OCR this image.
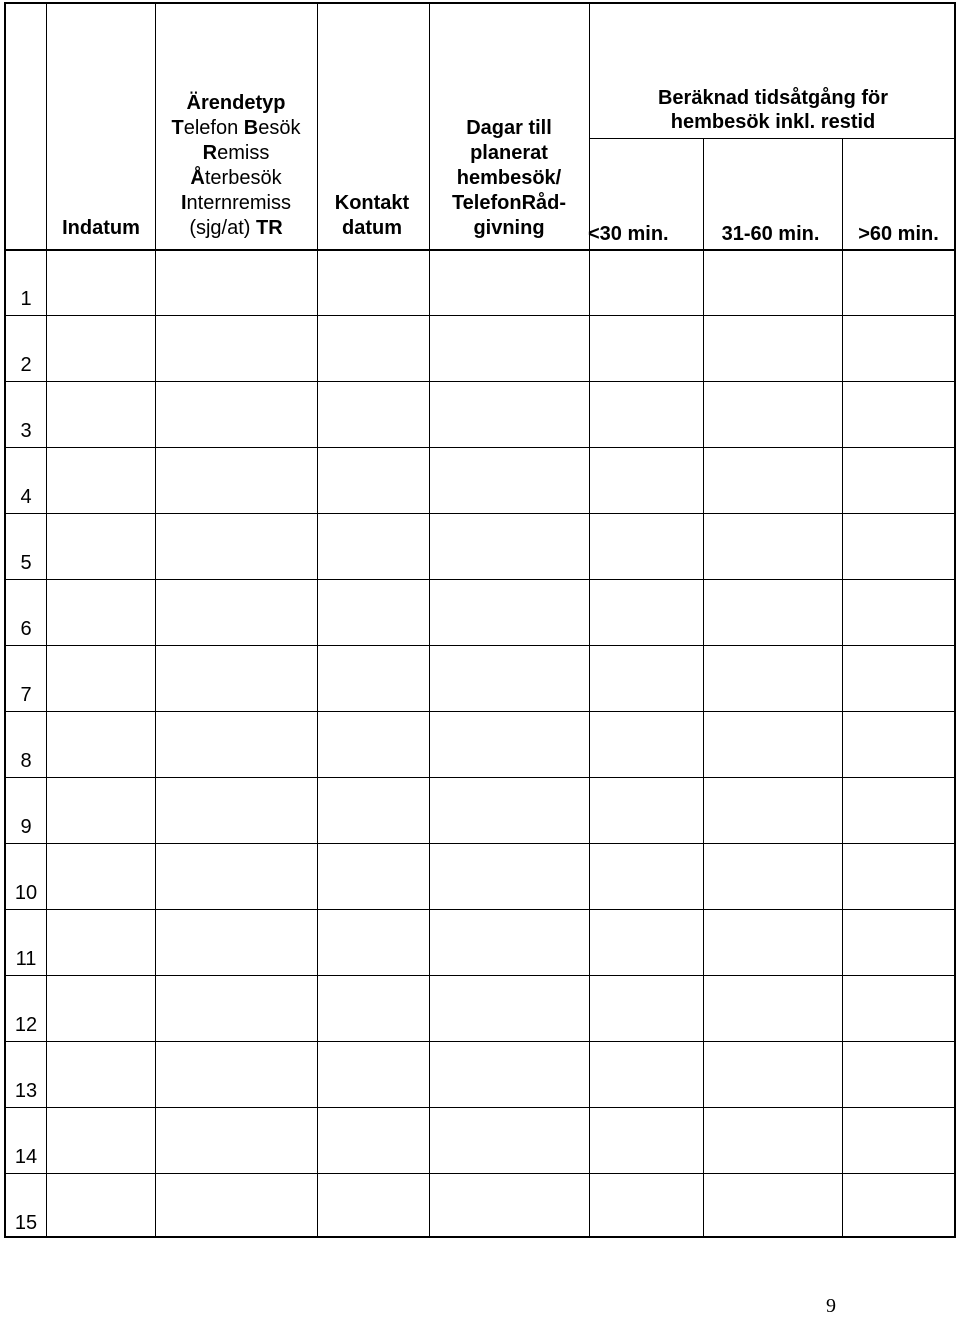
Indatum
Ärendetyp
Telefon Besök
Remiss
Återbesök
Internremiss
(sjg/at) TR
Kontakt
datum
Dagar till
planerat
hembesök/
TelefonRåd-
givning
Beräknad tidsåtgång för
hembesök inkl. restid
<30 min.	31-60 min.	>60 min.
1
2
3
4
5
6
7
8
9
10
11
12
13
14
15
9
